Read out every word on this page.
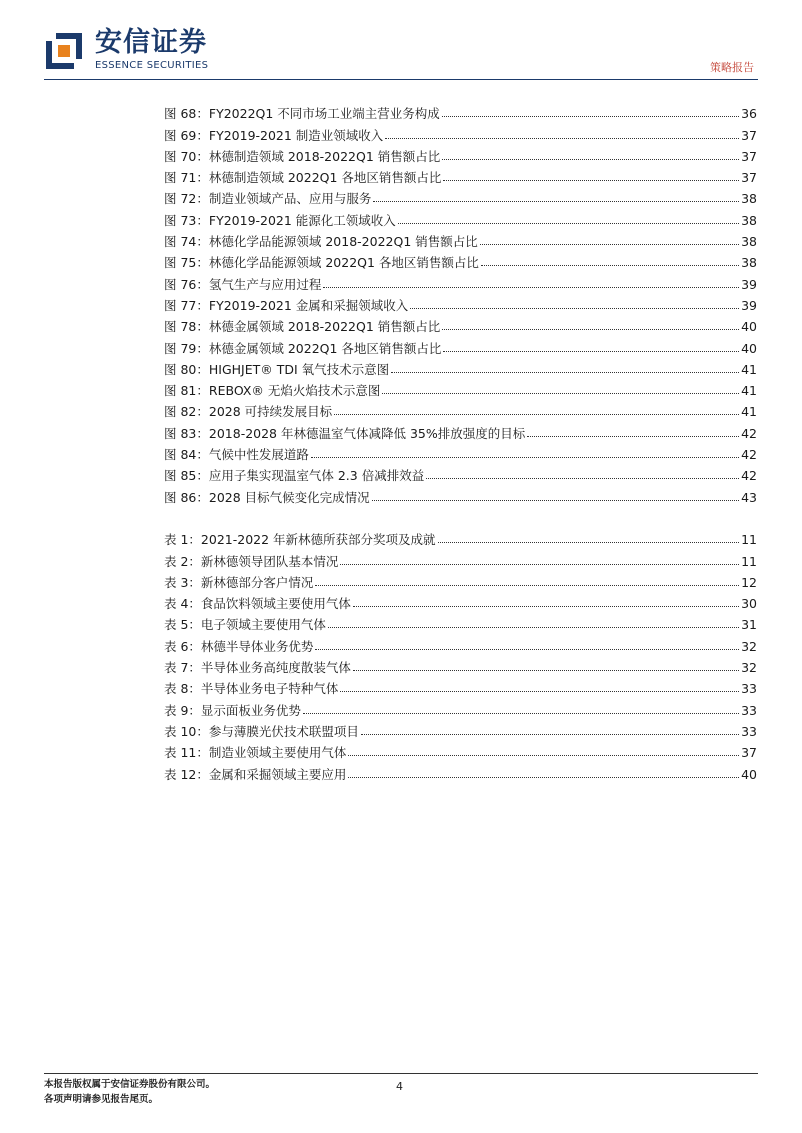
安信证券
ESSENCE SECURITIES	策略报告
图 68：FY2022Q1 不同市场工业端主营业务构成	36
图 69：FY2019-2021 制造业领域收入	37
图 70：林德制造领域 2018-2022Q1 销售额占比	37
图 71：林德制造领域 2022Q1 各地区销售额占比	37
图 72：制造业领域产品、应用与服务	38
图 73：FY2019-2021 能源化工领域收入	38
图 74：林德化学品能源领域 2018-2022Q1 销售额占比	38
图 75：林德化学品能源领域 2022Q1 各地区销售额占比	38
图 76：氢气生产与应用过程	39
图 77：FY2019-2021 金属和采掘领域收入	39
图 78：林德金属领域 2018-2022Q1 销售额占比	40
图 79：林德金属领域 2022Q1 各地区销售额占比	40
图 80：HIGHJET® TDI 氧气技术示意图	41
图 81：REBOX® 无焰火焰技术示意图	41
图 82：2028 可持续发展目标	41
图 83：2018-2028 年林德温室气体减降低 35%排放强度的目标	42
图 84：气候中性发展道路	42
图 85：应用子集实现温室气体 2.3 倍减排效益	42
图 86：2028 目标气候变化完成情况	43
表 1：2021-2022 年新林德所获部分奖项及成就	11
表 2：新林德领导团队基本情况	11
表 3：新林德部分客户情况	12
表 4：食品饮料领域主要使用气体	30
表 5：电子领域主要使用气体	31
表 6：林德半导体业务优势	32
表 7：半导体业务高纯度散装气体	32
表 8：半导体业务电子特种气体	33
表 9：显示面板业务优势	33
表 10：参与薄膜光伏技术联盟项目	33
表 11：制造业领域主要使用气体	37
表 12：金属和采掘领域主要应用	40
本报告版权属于安信证券股份有限公司。
各项声明请参见报告尾页。
4
